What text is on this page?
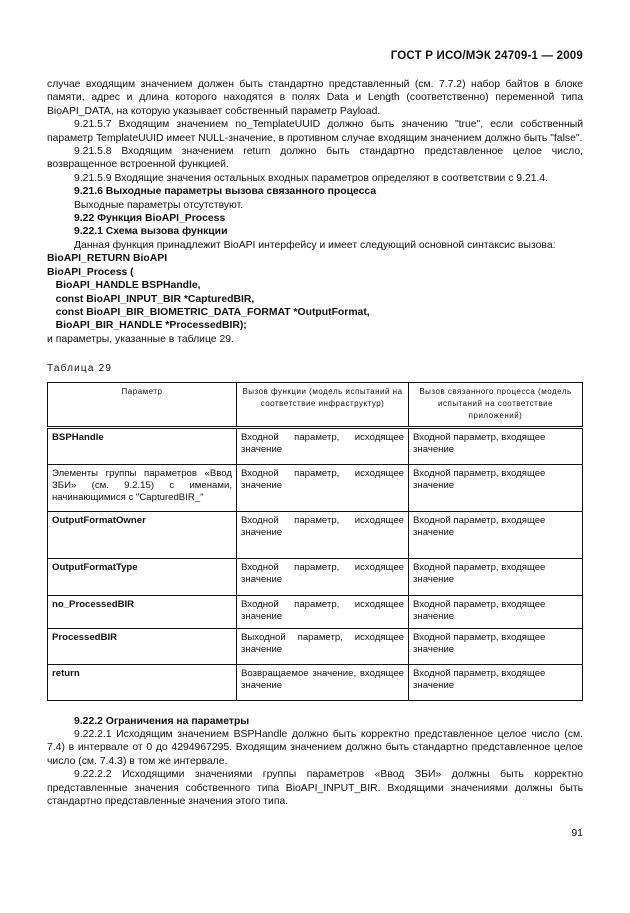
ГОСТ Р ИСО/МЭК 24709-1 — 2009

случае входящим значением должен быть стандартно представленный (см. 7.7.2) набор байтов в блоке памяти, адрес и длина которого находятся в полях Data и Length (соответственно) переменной типа BioAPI_DATA, на которую указывает собственный параметр Payload.

9.21.5.7 Входящим значением no_TemplateUUID должно быть значению "true", если собственный параметр TemplateUUID имеет NULL-значение, в противном случае входящим значением должно быть "false".

9.21.5.8 Входящим значением return должно быть стандартно представленное целое число, возвращенное встроенной функцией.

9.21.5.9 Входящие значения остальных входных параметров определяют в соответствии с 9.21.4.

9.21.6 Выходные параметры вызова связанного процесса

Выходные параметры отсутствуют.

9.22 Функция BioAPI_Process

9.22.1 Схема вызова функции

Данная функция принадлежит BioAPI интерфейсу и имеет следующий основной синтаксис вызова:

BioAPI_RETURN BioAPI

BioAPI_Process (

BioAPI_HANDLE BSPHandle,

const BioAPI_INPUT_BIR *CapturedBIR,

const BioAPI_BIR_BIOMETRIC_DATA_FORMAT *OutputFormat,

BioAPI_BIR_HANDLE *ProcessedBIR);

и параметры, указанные в таблице 29.

Таблица 29
Параметр	Вызов функции (модель испытаний на соответствие инфраструктур)	Вызов связанного процесса (модель испытаний на соответствие приложений)
BSPHandle	Входной параметр, исходящее значение	Входной параметр, входящее значение
Элементы группы параметров «Ввод ЗБИ» (см. 9.2.15) с именами, начинающимися с "CapturedBIR_"	Входной параметр, исходящее значение	Входной параметр, входящее значение
OutputFormatOwner	Входной параметр, исходящее значение	Входной параметр, входящее значение
OutputFormatType	Входной параметр, исходящее значение	Входной параметр, входящее значение
no_ProcessedBIR	Входной параметр, исходящее значение	Входной параметр, входящее значение
ProcessedBIR	Выходной параметр, исходящее значение	Входной параметр, входящее значение
return	Возвращаемое значение, входящее значение	Входной параметр, входящее значение

9.22.2 Ограничения на параметры

9.22.2.1 Исходящим значением BSPHandle должно быть корректно представленное целое число (см. 7.4) в интервале от 0 до 4294967295. Входящим значением должно быть стандартно представленное целое число (см. 7.4.3) в том же интервале.

9.22.2.2 Исходящими значениями группы параметров «Ввод ЗБИ» должны быть корректно представленные значения собственного типа BioAPI_INPUT_BIR. Входящими значениями должны быть стандартно представленные значения этого типа.

91
